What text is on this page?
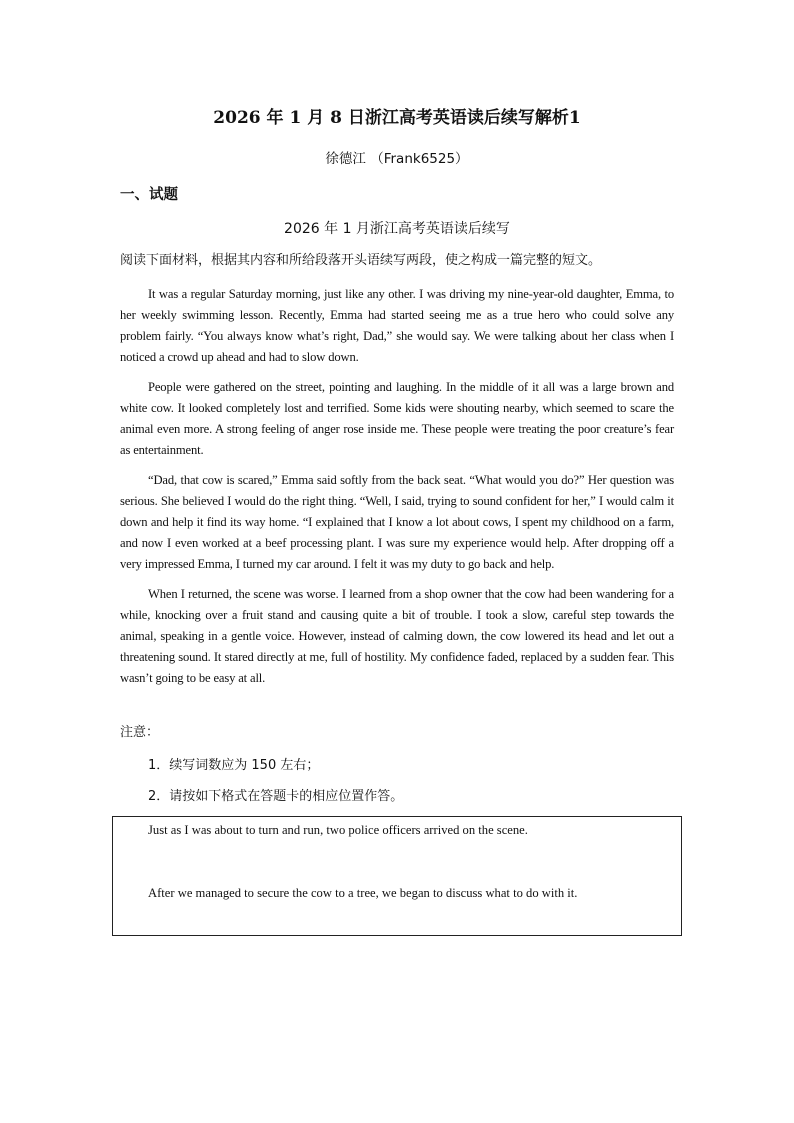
2026 年 1 月 8 日浙江高考英语读后续写解析1
徐德江 （Frank6525）
一、试题
2026 年 1 月浙江高考英语读后续写
阅读下面材料，根据其内容和所给段落开头语续写两段，使之构成一篇完整的短文。

It was a regular Saturday morning, just like any other. I was driving my nine-year-old daughter, Emma, to her weekly swimming lesson. Recently, Emma had started seeing me as a true hero who could solve any problem fairly. “You always know what’s right, Dad,” she would say. We were talking about her class when I noticed a crowd up ahead and had to slow down.

People were gathered on the street, pointing and laughing. In the middle of it all was a large brown and white cow. It looked completely lost and terrified. Some kids were shouting nearby, which seemed to scare the animal even more. A strong feeling of anger rose inside me. These people were treating the poor creature’s fear as entertainment.

“Dad, that cow is scared,” Emma said softly from the back seat. “What would you do?” Her question was serious. She believed I would do the right thing. “Well, I said, trying to sound confident for her,” I would calm it down and help it find its way home. “I explained that I know a lot about cows, I spent my childhood on a farm, and now I even worked at a beef processing plant. I was sure my experience would help. After dropping off a very impressed Emma, I turned my car around. I felt it was my duty to go back and help.

When I returned, the scene was worse. I learned from a shop owner that the cow had been wandering for a while, knocking over a fruit stand and causing quite a bit of trouble. I took a slow, careful step towards the animal, speaking in a gentle voice. However, instead of calming down, the cow lowered its head and let out a threatening sound. It stared directly at me, full of hostility. My confidence faded, replaced by a sudden fear. This wasn’t going to be easy at all.

注意：
1．续写词数应为 150 左右；
2．请按如下格式在答题卡的相应位置作答。
Just as I was about to turn and run, two police officers arrived on the scene.
After we managed to secure the cow to a tree, we began to discuss what to do with it.
